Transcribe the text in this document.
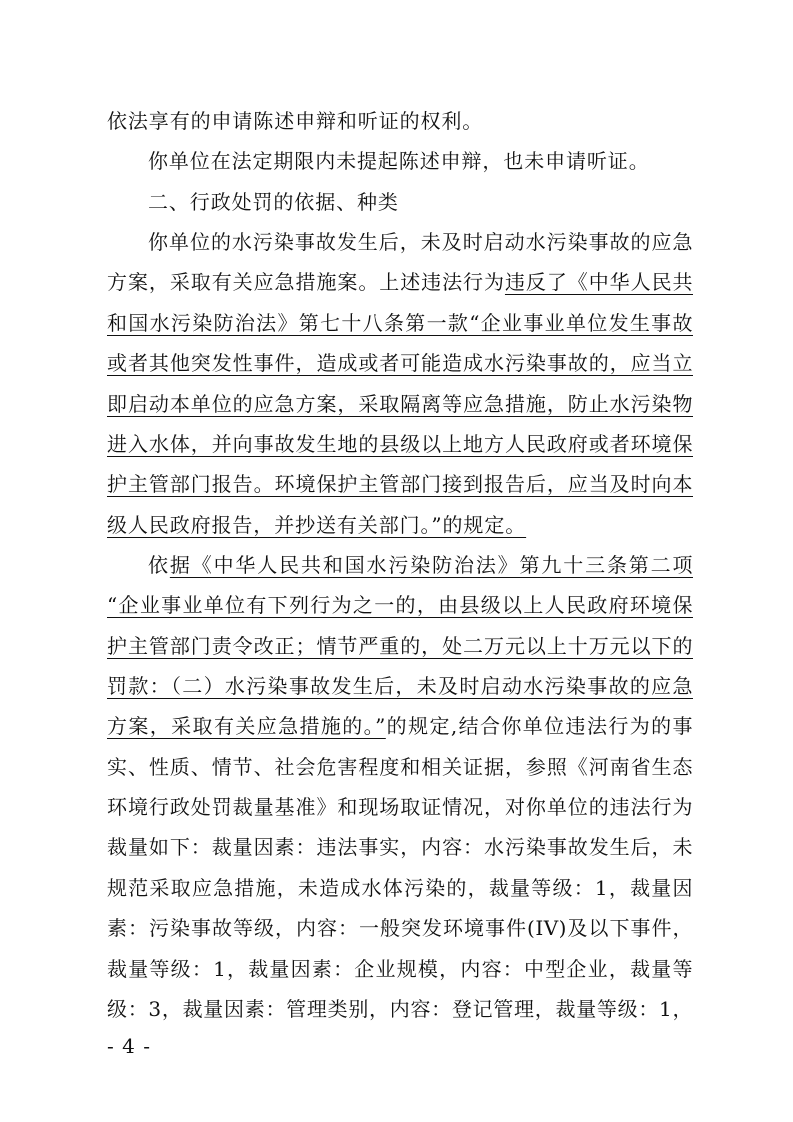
依法享有的申请陈述申辩和听证的权利。
你单位在法定期限内未提起陈述申辩，也未申请听证。
二、行政处罚的依据、种类
你单位的水污染事故发生后，未及时启动水污染事故的应急
方案，采取有关应急措施案。上述违法行为违反了《中华人民共
和国水污染防治法》第七十八条第一款“企业事业单位发生事故
或者其他突发性事件，造成或者可能造成水污染事故的，应当立
即启动本单位的应急方案，采取隔离等应急措施，防止水污染物
进入水体，并向事故发生地的县级以上地方人民政府或者环境保
护主管部门报告。环境保护主管部门接到报告后，应当及时向本
级人民政府报告，并抄送有关部门。”的规定。
依据《中华人民共和国水污染防治法》第九十三条第二项
“企业事业单位有下列行为之一的，由县级以上人民政府环境保
护主管部门责令改正；情节严重的，处二万元以上十万元以下的
罚款：（二）水污染事故发生后，未及时启动水污染事故的应急
方案，采取有关应急措施的。”的规定,结合你单位违法行为的事
实、性质、情节、社会危害程度和相关证据，参照《河南省生态
环境行政处罚裁量基准》和现场取证情况，对你单位的违法行为
裁量如下：裁量因素：违法事实，内容：水污染事故发生后，未
规范采取应急措施，未造成水体污染的，裁量等级：1，裁量因
素：污染事故等级，内容：一般突发环境事件(IV)及以下事件，
裁量等级：1，裁量因素：企业规模，内容：中型企业，裁量等
级：3，裁量因素：管理类别，内容：登记管理，裁量等级：1，
- 4 -
